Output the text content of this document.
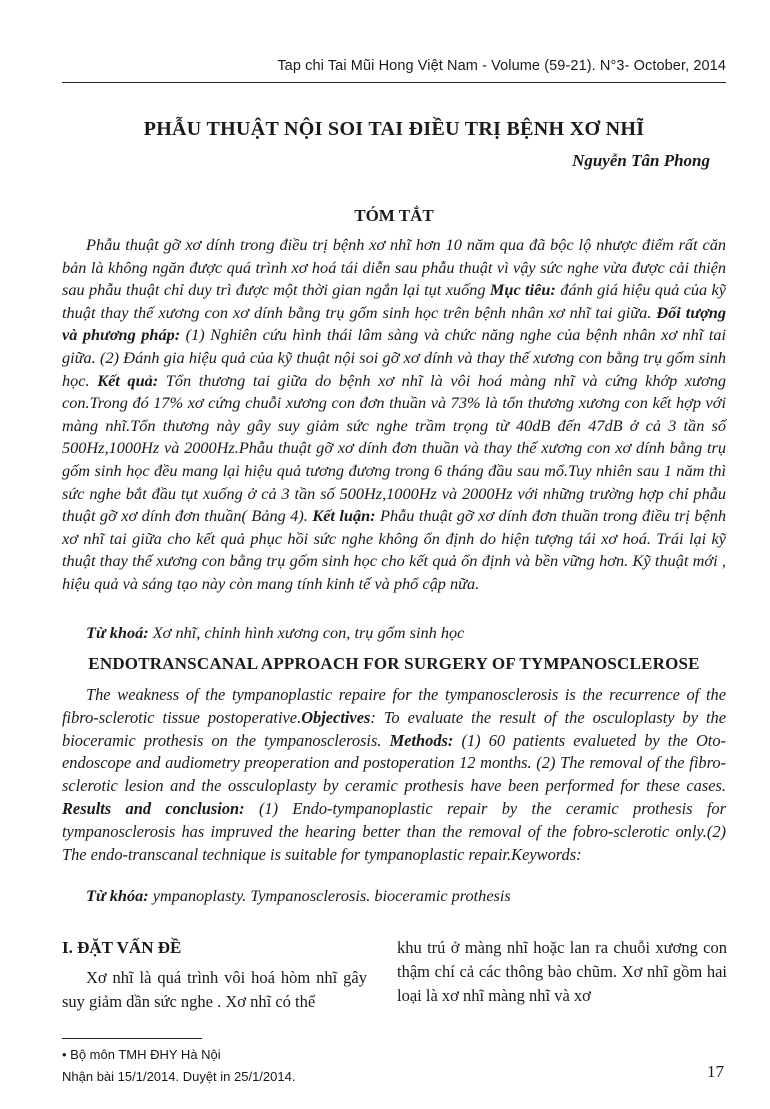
Tap chi Tai Mũi Hong Việt Nam - Volume (59-21). N°3- October, 2014
PHẪU THUẬT NỘI SOI TAI ĐIỀU TRỊ BỆNH XƠ NHĨ
Nguyễn Tân Phong
TÓM TẮT

Phẫu thuật gỡ xơ dính trong điều trị bệnh xơ nhĩ hơn 10 năm qua đã bộc lộ nhược điểm rất căn bản là không ngăn được quá trình xơ hoá tái diễn sau phẫu thuật vì vậy sức nghe vừa được cải thiện sau phẫu thuật chỉ duy trì được một thời gian ngắn lại tụt xuống Mục tiêu: đánh giá hiệu quả của kỹ thuật thay thế xương con xơ dính bằng trụ gốm sinh học trên bệnh nhân xơ nhĩ tai giữa. Đối tượng và phương pháp: (1) Nghiên cứu hình thái lâm sàng và chức năng nghe của bệnh nhân xơ nhĩ tai giữa. (2) Đánh gia hiệu quả của kỹ thuật nội soi gỡ xơ dính và thay thế xương con bằng trụ gốm sinh học. Kết quả: Tổn thương tai giữa do bệnh xơ nhĩ là vôi hoá màng nhĩ và cứng khớp xương con.Trong đó 17% xơ cứng chuỗi xương con đơn thuần và 73% là tổn thương xương con kết hợp với màng nhĩ.Tổn thương này gây suy giảm sức nghe trầm trọng từ 40dB đến 47dB ở cả 3 tần số 500Hz,1000Hz và 2000Hz.Phẫu thuật gỡ xơ dính đơn thuần và thay thế xương con xơ dính bằng trụ gốm sinh học đều mang lại hiệu quả tương đương trong 6 tháng đầu sau mổ.Tuy nhiên sau 1 năm thì sức nghe bắt đầu tụt xuống ở cả 3 tần số 500Hz,1000Hz và 2000Hz với những trường hợp chỉ phẫu thuật gỡ xơ dính đơn thuần( Bảng 4). Kết luận: Phẫu thuật gỡ xơ dính đơn thuần trong điều trị bệnh xơ nhĩ tai giữa cho kết quả phục hồi sức nghe không ổn định do hiện tượng tái xơ hoá. Trái lại kỹ thuật thay thế xương con bằng trụ gốm sinh học cho kết quả ổn định và bền vững hơn. Kỹ thuật mới , hiệu quả và sáng tạo này còn mang tính kinh tế và phổ cập nữa.

Từ khoá: Xơ nhĩ, chỉnh hình xương con, trụ gốm sinh học

ENDOTRANSCANAL APPROACH FOR SURGERY OF TYMPANOSCLEROSE

The weakness of the tympanoplastic repaire for the tympanosclerosis is the recurrence of the fibro-sclerotic tissue postoperative.Objectives: To evaluate the result of the osculoplasty by the bioceramic prothesis on the tympanosclerosis. Methods: (1) 60 patients evalueted by the Oto-endoscope and audiometry preoperation and postoperation 12 months. (2) The removal of the fibro-sclerotic lesion and the ossculoplasty by ceramic prothesis have been performed for these cases. Results and conclusion: (1) Endo-tympanoplastic repair by the ceramic prothesis for tympanosclerosis has impruved the hearing better than the removal of the fobro-sclerotic only.(2) The endo-transcanal technique is suitable for tympanoplastic repair.Keywords:

Từ khóa: ympanoplasty. Tympanosclerosis. bioceramic prothesis

I. ĐẶT VẤN ĐỀ

Xơ nhĩ là quá trình vôi hoá hòm nhĩ gây suy giảm dần sức nghe . Xơ nhĩ có thể

khu trú ở màng nhĩ hoặc lan ra chuỗi xương con thậm chí cả các thông bào chũm. Xơ nhĩ gồm hai loại là xơ nhĩ màng nhĩ và xơ

• Bộ môn TMH ĐHY Hà Nội
Nhận bài 15/1/2014. Duyệt in 25/1/2014.	17
